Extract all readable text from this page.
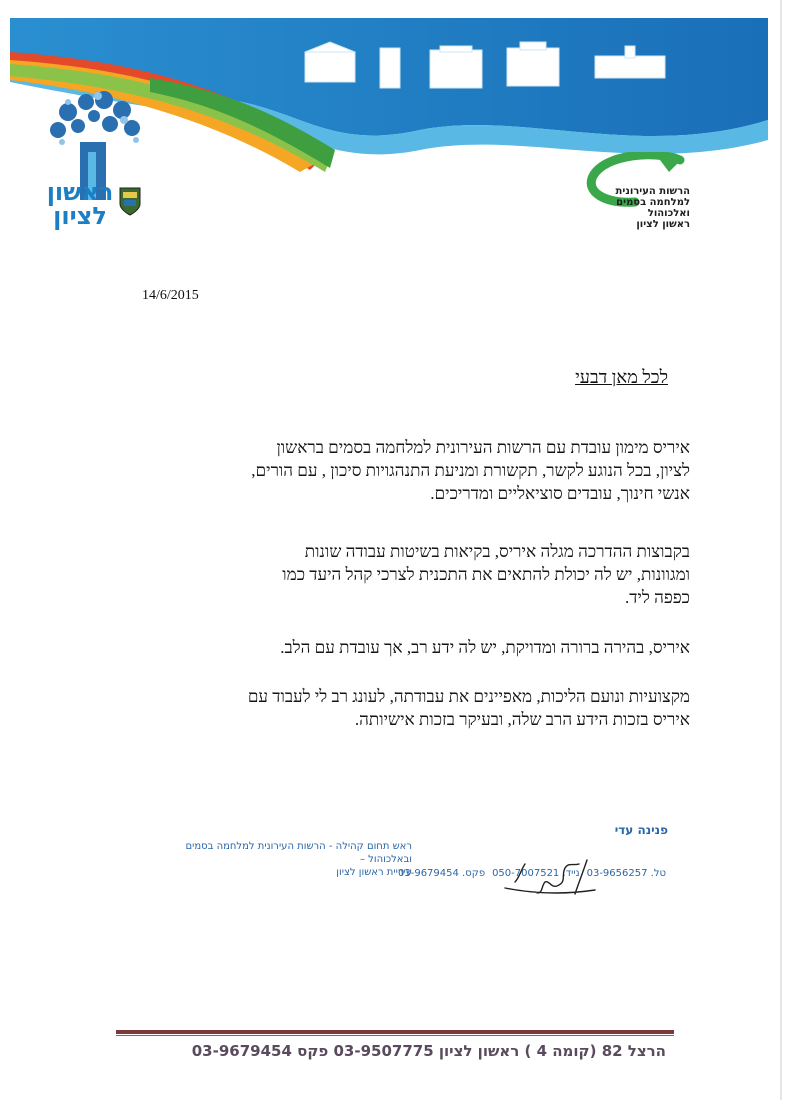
ראשון
לציון
הרשות העירונית
למלחמה בסמים
ואלכוהול
ראשון לציון
14/6/2015
לכל מאן דבעי

איריס מימון עובדת עם הרשות העירונית למלחמה בסמים בראשון

לציון, בכל הנוגע לקשר, תקשורת ומניעת התנהגויות סיכון , עם הורים,

אנשי חינוך, עובדים סוציאליים ומדריכים.

בקבוצות ההדרכה מגלה איריס, בקיאות בשיטות עבודה שונות

ומגוונות, יש לה יכולת להתאים את התכנית לצרכי קהל היעד כמו

כפפה ליד.

איריס, בהירה ברורה ומדויקת, יש לה ידע רב, אך עובדת עם הלב.

מקצועיות ונועם הליכות, מאפיינים את עבודתה, לעונג רב לי לעבוד עם

איריס בזכות הידע הרב שלה, ובעיקר בזכות אישיותה.

פנינה עדי
ראש תחום קהילה - הרשות העירונית למלחמה בסמים ובאלכוהול –
עיריית ראשון לציון
פקס. 03-9679454 נייד. 050-7007521 טל. 03-9656257
הרצל 82 (קומה 4 ) ראשון לציון 03-9507775 פקס 03-9679454
